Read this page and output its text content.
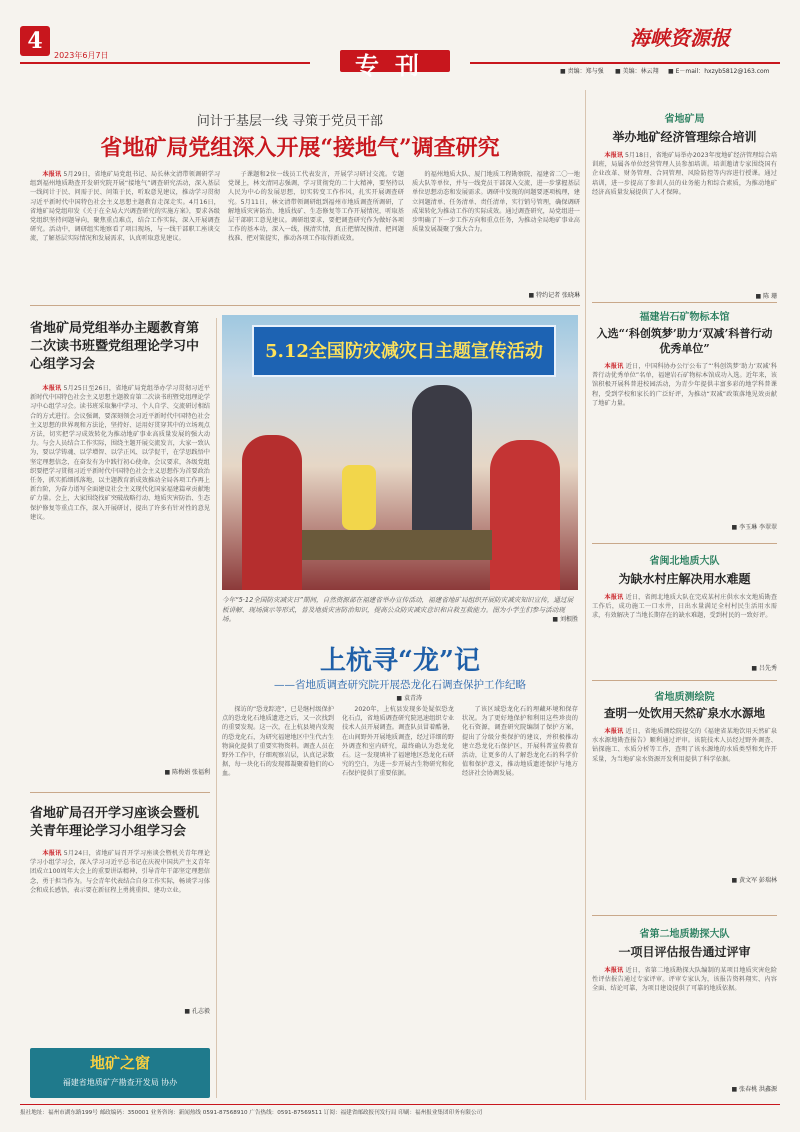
4
2023年6月7日	专刊
海峡资源报
■ 责编：郑与强 ■ 美编：林云翔 ■ E－mail：hxzyb5812@163.com
问计于基层一线 寻策于党员干部
省地矿局党组深入开展“接地气”调查研究

本报讯 5月29日，省地矿局党组书记、局长林文清带领调研学习组到福州地质勘查开发研究院开展“接地气”调查研究活动，深入基层一线问计于民、问需于民、问策于民，听取意见建议，推动学习贯彻习近平新时代中国特色社会主义思想主题教育走深走实。4月16日，省地矿局党组印发《关于在全局大兴调查研究的实施方案》，要求各级党组织坚持问题导向，聚焦重点难点，结合工作实际，深入开展调查研究。活动中，调研组实地察看了项目现场，与一线干部职工座谈交流，了解基层实际情况和发展需求，认真听取意见建议。

子课题和2位一线员工代表发言，开展学习研讨交流。专题党课上，林文清同志强调，学习贯彻党的二十大精神，要坚持以人民为中心的发展思想，切实转变工作作风，扎实开展调查研究。5月11日，林文清带领调研组到福州市地质调查所调研，了解地质灾害防治、地质找矿、生态修复等工作开展情况，听取基层干部职工意见建议。调研组要求，要把调查研究作为做好各项工作的基本功，深入一线，摸清实情，真正把情况摸清、把问题找准、把对策提实，推动各项工作取得新成效。

的福州地质大队、厦门地质工程勘察院、福建省二〇一地质大队等单位，并与一线党员干部深入交流，进一步掌握基层单位思想动态和发展需求。调研中发现的问题要逐项梳理，建立问题清单、任务清单、责任清单，实行销号管理，确保调研成果转化为推动工作的实际成效。通过调查研究，局党组进一步明确了下一步工作方向和重点任务，为推动全局地矿事业高质量发展凝聚了强大合力。

■ 特约记者 张晓琳
省地矿局党组举办主题教育第二次读书班暨党组理论学习中心组学习会

本报讯 5月25日至26日，省地矿局党组举办学习贯彻习近平新时代中国特色社会主义思想主题教育第二次读书班暨党组理论学习中心组学习会。读书班采取集中学习、个人自学、交流研讨相结合的方式进行。会议强调，要深刻领会习近平新时代中国特色社会主义思想的世界观和方法论，坚持好、运用好贯穿其中的立场观点方法，切实把学习成效转化为推动地矿事业高质量发展的强大动力。与会人员结合工作实际，围绕主题开展交流发言，大家一致认为，要以学铸魂、以学增智、以学正风、以学促干，在学思践悟中坚定理想信念，在奋发有为中践行初心使命。会议要求，各级党组织要把学习贯彻习近平新时代中国特色社会主义思想作为首要政治任务，抓实抓细抓落地，以主题教育新成效推动全局各项工作再上新台阶，为奋力谱写全面建设社会主义现代化国家福建篇章贡献地矿力量。会上，大家围绕找矿突破战略行动、地质灾害防治、生态保护修复等重点工作，深入开展研讨，提出了许多有针对性的意见建议。

■ 陈梅娟 张福利
省地矿局召开学习座谈会暨机关青年理论学习小组学习会

本报讯 5月24日，省地矿局召开学习座谈会暨机关青年理论学习小组学习会，深入学习习近平总书记在庆祝中国共产主义青年团成立100周年大会上的重要讲话精神，引导青年干部坚定理想信念，勇于担当作为。与会青年代表结合自身工作实际，畅谈学习体会和成长感悟，表示要在新征程上勇挑重担、建功立业。

■ 孔志毅
地矿之窗
福建省地质矿产勘查开发局 协办
5.12全国防灾减灾日主题宣传活动
今年“5·12全国防灾减灾日”期间，自然资源部在福建省举办宣传活动，福建省地矿局组织开展防灾减灾知识宣传，通过展板讲解、现场演示等形式，普及地质灾害防治知识，提高公众防灾减灾意识和自救互救能力。图为小学生们参与活动现场。	■ 刘根胜
上杭寻“龙”记
——省地质调查研究院开展恐龙化石调查保护工作纪略
■ 袁青涛

探访的“恐龙踪迹”，已是继村级保护点的恐龙化石地质遗迹之后，又一次找到的重要发现。这一次，在上杭县境内发现的恐龙化石，为研究福建地区中生代古生物演化提供了重要实物资料。调查人员在野外工作中，仔细观察岩层，认真记录数据，每一块化石的发现都凝聚着他们的心血。

2020年，上杭县发现多处疑似恐龙化石点，省地质调查研究院迅速组织专业技术人员开展调查。调查队员冒着酷暑，在山间野外开展地质调查，经过详细的野外调查和室内研究，最终确认为恐龙化石。这一发现填补了福建地区恐龙化石研究的空白，为进一步开展古生物研究和化石保护提供了重要依据。

了该区域恐龙化石的埋藏环境和保存状况。为了更好地保护和利用这些珍贵的化石资源，调查研究院编制了保护方案，提出了分级分类保护的建议，并积极推动建立恐龙化石保护区，开展科普宣传教育活动，让更多的人了解恐龙化石的科学价值和保护意义，推动地质遗迹保护与地方经济社会协调发展。

省地矿局
举办地矿经济管理综合培训

本报讯 5月18日，省地矿局举办2023年度地矿经济管理综合培训班，局属各单位经营管理人员参加培训。培训邀请专家围绕国有企业改革、财务管理、合同管理、风险防控等内容进行授课。通过培训，进一步提高了参训人员的业务能力和综合素质，为推动地矿经济高质量发展提供了人才保障。

■ 陈 珊
福建岩石矿物标本馆
入选“‘科创筑梦’助力‘双减’科普行动优秀单位”

本报讯 近日，中国科协办公厅公布了“‘科创筑梦’助力‘双减’科普行动优秀单位”名单，福建岩石矿物标本馆成功入选。近年来，该馆积极开展科普进校园活动，为青少年提供丰富多彩的地学科普课程，受到学校和家长的广泛好评，为推动“双减”政策落地见效贡献了地矿力量。

■ 李玉琳 李翠翠
省闽北地质大队
为缺水村庄解决用水难题

本报讯 近日，省闽北地质大队在完成某村庄供水水文地质勘查工作后，成功施工一口水井，日出水量满足全村村民生活用水需求，有效解决了当地长期存在的缺水难题，受到村民的一致好评。

■ 吕先秀
省地质测绘院
查明一处饮用天然矿泉水水源地

本报讯 近日，省地质测绘院提交的《福建省某地饮用天然矿泉水水源地勘查报告》顺利通过评审。该院技术人员经过野外调查、钻探施工、水质分析等工作，查明了该水源地的水质类型和允许开采量，为当地矿泉水资源开发利用提供了科学依据。

■ 黄文军 彭瑞林
省第二地质勘探大队
一项目评估报告通过评审

本报讯 近日，省第二地质勘探大队编制的某项目地质灾害危险性评估报告通过专家评审。评审专家认为，该报告资料翔实、内容全面、结论可靠，为项目建设提供了可靠的地质依据。

■ 张春桃 洪鑫源
报社地址：福州市湖东路199号 邮政编码：350001 业务咨询：新闻热线 0591-87568910 广告热线：0591-87569511 订阅：福建省邮政报刊发行局 印刷：福州报业集团印务有限公司
